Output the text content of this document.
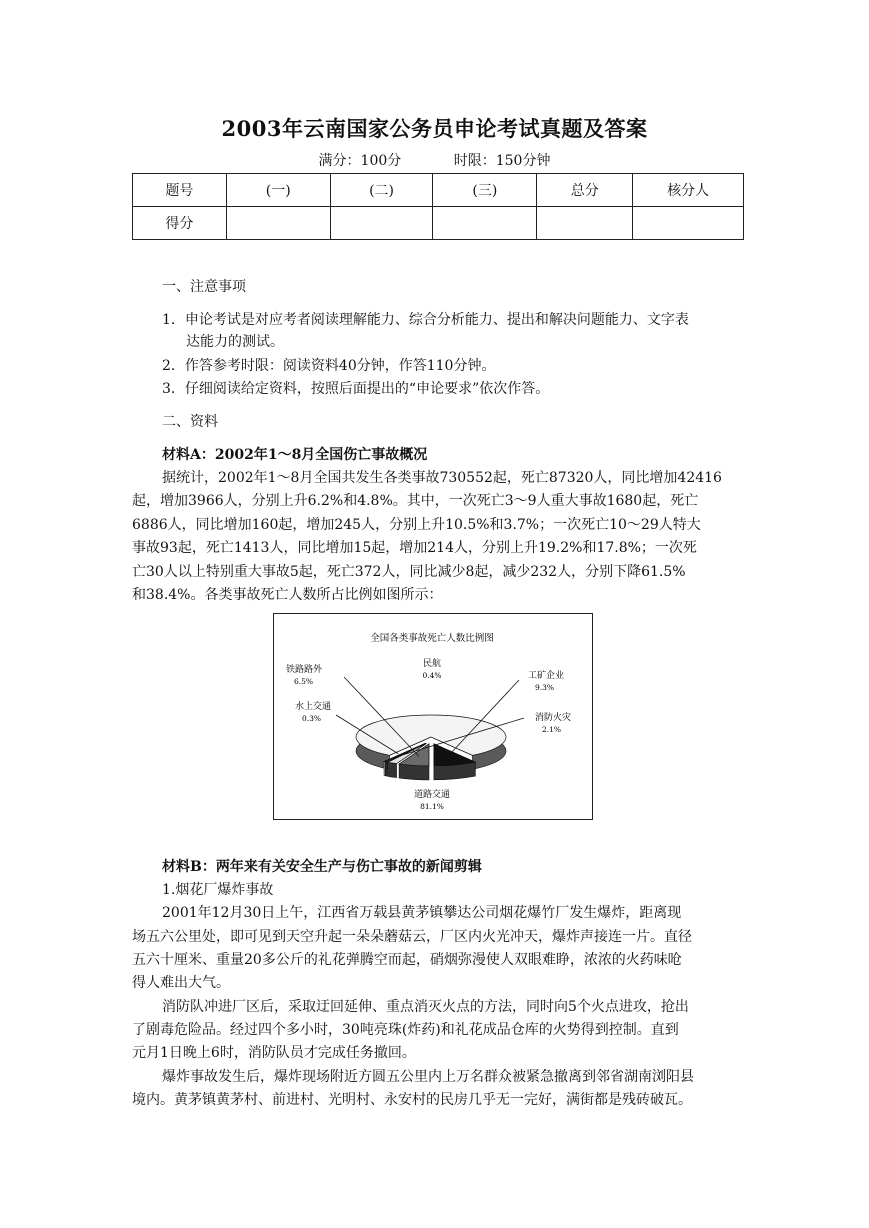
2003年云南国家公务员申论考试真题及答案
满分：100分	时限：150分钟
题号	(一)	(二)	(三)	总分	核分人
得分					
一、注意事项
1．申论考试是对应考者阅读理解能力、综合分析能力、提出和解决问题能力、文字表
达能力的测试。
2．作答参考时限：阅读资料40分钟，作答110分钟。
3．仔细阅读给定资料，按照后面提出的“申论要求”依次作答。
二、资料
材料A：2002年1～8月全国伤亡事故概况
据统计，2002年1～8月全国共发生各类事故730552起，死亡87320人，同比增加42416
起，增加3966人，分别上升6.2%和4.8%。其中，一次死亡3～9人重大事故1680起，死亡
6886人，同比增加160起，增加245人，分别上升10.5%和3.7%；一次死亡10～29人特大
事故93起，死亡1413人，同比增加15起，增加214人，分别上升19.2%和17.8%；一次死
亡30人以上特别重大事故5起，死亡372人，同比减少8起，减少232人，分别下降61.5%
和38.4%。各类事故死亡人数所占比例如图所示：
全国各类事故死亡人数比例图
道路交通
81.1%
工矿企业
9.3%
铁路路外
6.5%
消防火灾
2.1%
民航
0.4%
水上交通
0.3%
材料B：两年来有关安全生产与伤亡事故的新闻剪辑
1.烟花厂爆炸事故
2001年12月30日上午，江西省万载县黄茅镇攀达公司烟花爆竹厂发生爆炸，距离现
场五六公里处，即可见到天空升起一朵朵蘑菇云，厂区内火光冲天，爆炸声接连一片。直径
五六十厘米、重量20多公斤的礼花弹腾空而起，硝烟弥漫使人双眼难睁，浓浓的火药味呛
得人难出大气。
消防队冲进厂区后，采取迂回延伸、重点消灭火点的方法，同时向5个火点进攻，抢出
了剧毒危险品。经过四个多小时，30吨亮珠(炸药)和礼花成品仓库的火势得到控制。直到
元月1日晚上6时，消防队员才完成任务撤回。
爆炸事故发生后，爆炸现场附近方圆五公里内上万名群众被紧急撤离到邻省湖南浏阳县
境内。黄茅镇黄茅村、前进村、光明村、永安村的民房几乎无一完好，满街都是残砖破瓦。
